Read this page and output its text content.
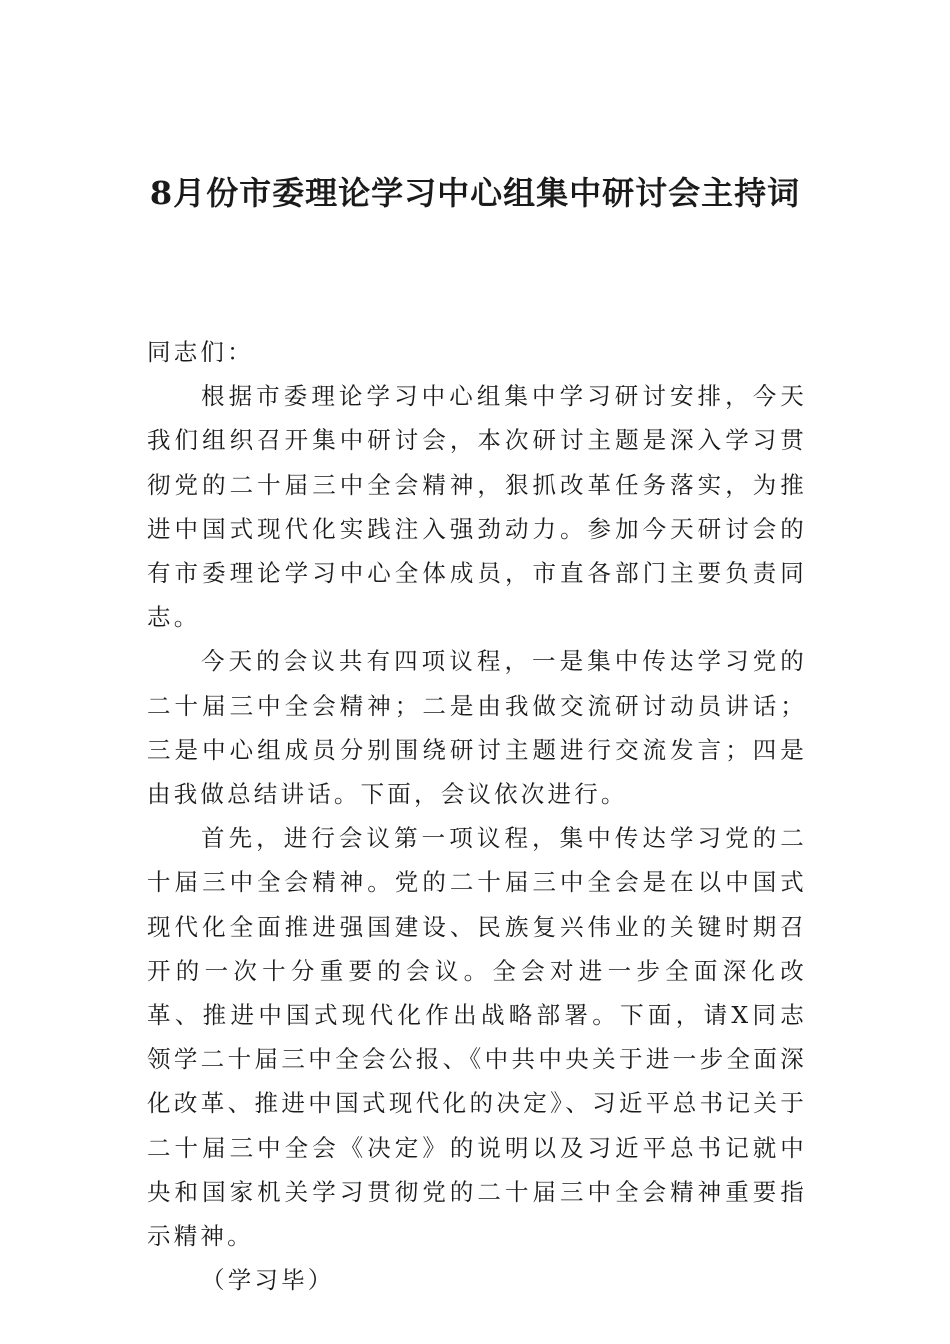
8月份市委理论学习中心组集中研讨会主持词

同志们：

根据市委理论学习中心组集中学习研讨安排，今天我们组织召开集中研讨会，本次研讨主题是深入学习贯彻党的二十届三中全会精神，狠抓改革任务落实，为推进中国式现代化实践注入强劲动力。参加今天研讨会的有市委理论学习中心全体成员，市直各部门主要负责同志。

今天的会议共有四项议程，一是集中传达学习党的二十届三中全会精神；二是由我做交流研讨动员讲话；三是中心组成员分别围绕研讨主题进行交流发言；四是由我做总结讲话。下面，会议依次进行。

首先，进行会议第一项议程，集中传达学习党的二十届三中全会精神。党的二十届三中全会是在以中国式现代化全面推进强国建设、民族复兴伟业的关键时期召开的一次十分重要的会议。全会对进一步全面深化改革、推进中国式现代化作出战略部署。下面，请X同志领学二十届三中全会公报、《中共中央关于进一步全面深化改革、推进中国式现代化的决定》、习近平总书记关于二十届三中全会《决定》的说明以及习近平总书记就中央和国家机关学习贯彻党的二十届三中全会精神重要指示精神。

（学习毕）
